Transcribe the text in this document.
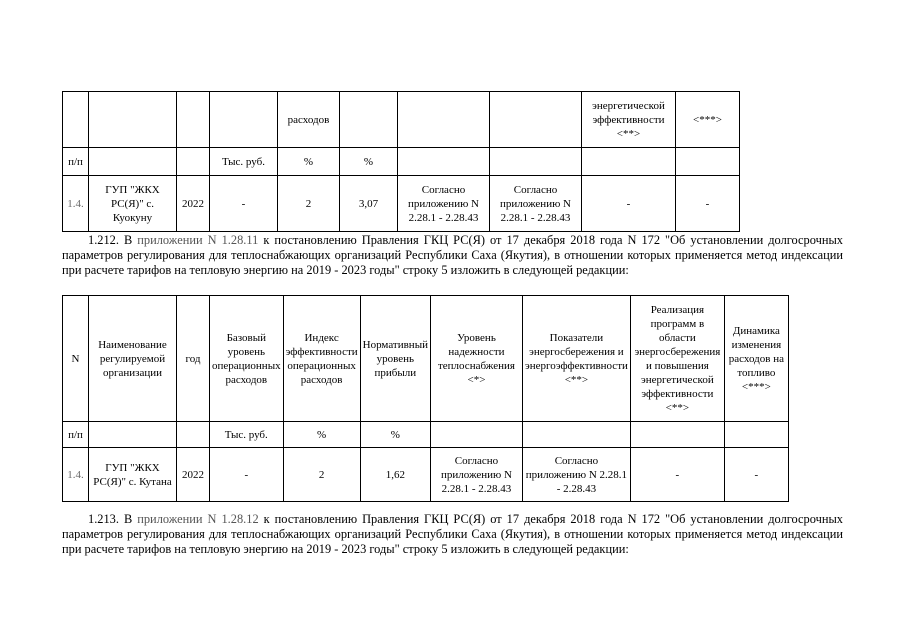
				расходов				энергетической эффективности <**>	<***>
п/п			Тыс. руб.	%	%				
1.4.	ГУП "ЖКХ РС(Я)" с. Куокуну	2022	-	2	3,07	Согласно приложению N 2.28.1 - 2.28.43	Согласно приложению N 2.28.1 - 2.28.43	-	-

1.212. В приложении N 1.28.11 к постановлению Правления ГКЦ РС(Я) от 17 декабря 2018 года N 172 "Об установлении долгосрочных параметров регулирования для теплоснабжающих организаций Республики Саха (Якутия), в отношении которых применяется метод индексации при расчете тарифов на тепловую энергию на 2019 - 2023 годы" строку 5 изложить в следующей редакции:

N	Наименование регулируемой организации	год	Базовый уровень операционных расходов	Индекс эффективности операционных расходов	Нормативный уровень прибыли	Уровень надежности теплоснабжения <*>	Показатели энергосбережения и энергоэффективности <**>	Реализация программ в области энергосбережения и повышения энергетической эффективности <**>	Динамика изменения расходов на топливо <***>
п/п			Тыс. руб.	%	%				
1.4.	ГУП "ЖКХ РС(Я)" с. Кутана	2022	-	2	1,62	Согласно приложению N 2.28.1 - 2.28.43	Согласно приложению N 2.28.1 - 2.28.43	-	-

1.213. В приложении N 1.28.12 к постановлению Правления ГКЦ РС(Я) от 17 декабря 2018 года N 172 "Об установлении долгосрочных параметров регулирования для теплоснабжающих организаций Республики Саха (Якутия), в отношении которых применяется метод индексации при расчете тарифов на тепловую энергию на 2019 - 2023 годы" строку 5 изложить в следующей редакции:
